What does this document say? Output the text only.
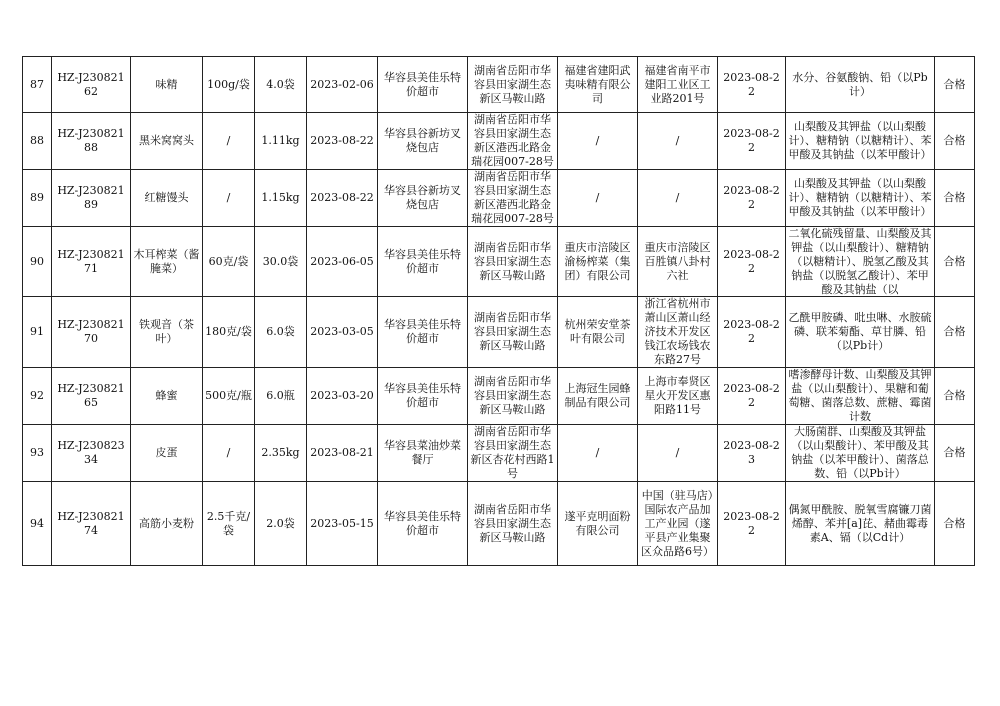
87	HZ-J23082162	味精	100g/袋	4.0袋	2023-02-06	华容县美佳乐特价超市	湖南省岳阳市华容县田家湖生态新区马鞍山路	福建省建阳武夷味精有限公司	福建省南平市建阳工业区工业路201号	2023-08-22	水分、谷氨酸钠、铅（以Pb计）	合格
88	HZ-J23082188	黑米窝窝头	/	1.11kg	2023-08-22	华容县谷新坊叉烧包店	湖南省岳阳市华容县田家湖生态新区港西北路金瑞花园007-28号	/	/	2023-08-22	山梨酸及其钾盐（以山梨酸计）、糖精钠（以糖精计）、苯甲酸及其钠盐（以苯甲酸计）	合格
89	HZ-J23082189	红糖馒头	/	1.15kg	2023-08-22	华容县谷新坊叉烧包店	湖南省岳阳市华容县田家湖生态新区港西北路金瑞花园007-28号	/	/	2023-08-22	山梨酸及其钾盐（以山梨酸计）、糖精钠（以糖精计）、苯甲酸及其钠盐（以苯甲酸计）	合格
90	HZ-J23082171	木耳榨菜（酱腌菜）	60克/袋	30.0袋	2023-06-05	华容县美佳乐特价超市	湖南省岳阳市华容县田家湖生态新区马鞍山路	重庆市涪陵区渝杨榨菜（集团）有限公司	重庆市涪陵区百胜镇八卦村六社	2023-08-22	二氧化硫残留量、山梨酸及其钾盐（以山梨酸计）、糖精钠（以糖精计）、脱氢乙酸及其钠盐（以脱氢乙酸计）、苯甲酸及其钠盐（以	合格
91	HZ-J23082170	铁观音（茶叶）	180克/袋	6.0袋	2023-03-05	华容县美佳乐特价超市	湖南省岳阳市华容县田家湖生态新区马鞍山路	杭州荣安堂茶叶有限公司	浙江省杭州市萧山区萧山经济技术开发区钱江农场钱农东路27号	2023-08-22	乙酰甲胺磷、吡虫啉、水胺硫磷、联苯菊酯、草甘膦、铅（以Pb计）	合格
92	HZ-J23082165	蜂蜜	500克/瓶	6.0瓶	2023-03-20	华容县美佳乐特价超市	湖南省岳阳市华容县田家湖生态新区马鞍山路	上海冠生园蜂制品有限公司	上海市奉贤区星火开发区惠阳路11号	2023-08-22	嗜渗酵母计数、山梨酸及其钾盐（以山梨酸计）、果糖和葡萄糖、菌落总数、蔗糖、霉菌计数	合格
93	HZ-J23082334	皮蛋	/	2.35kg	2023-08-21	华容县菜油炒菜餐厅	湖南省岳阳市华容县田家湖生态新区杏花村西路1号	/	/	2023-08-23	大肠菌群、山梨酸及其钾盐（以山梨酸计）、苯甲酸及其钠盐（以苯甲酸计）、菌落总数、铅（以Pb计）	合格
94	HZ-J23082174	高筋小麦粉	2.5千克/袋	2.0袋	2023-05-15	华容县美佳乐特价超市	湖南省岳阳市华容县田家湖生态新区马鞍山路	遂平克明面粉有限公司	中国（驻马店）国际农产品加工产业园（遂平县产业集聚区众品路6号）	2023-08-22	偶氮甲酰胺、脱氧雪腐镰刀菌烯醇、苯并[a]芘、赭曲霉毒素A、镉（以Cd计）	合格
